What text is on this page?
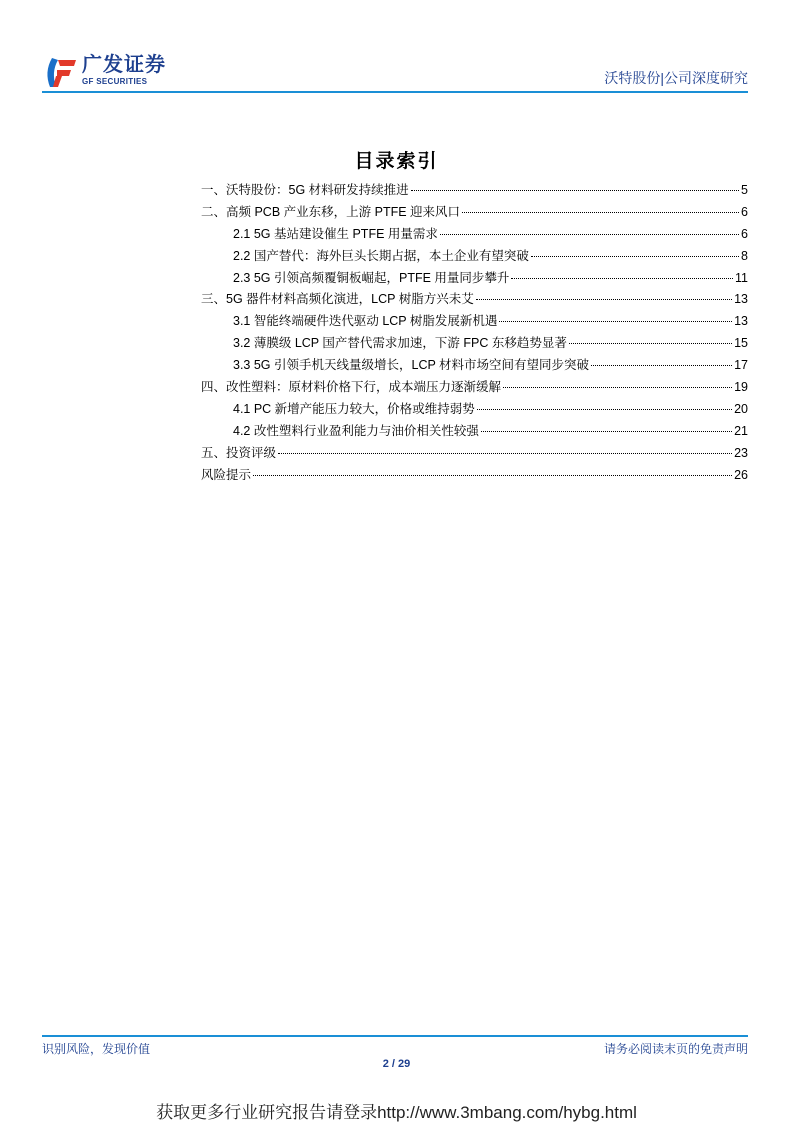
广发证券
GF SECURITIES	沃特股份|公司深度研究
目录索引
一、沃特股份：5G 材料研发持续推进	5
二、高频 PCB 产业东移，上游 PTFE 迎来风口	6
2.1 5G 基站建设催生 PTFE 用量需求	6
2.2 国产替代：海外巨头长期占据，本土企业有望突破	8
2.3 5G 引领高频覆铜板崛起，PTFE 用量同步攀升	11
三、5G 器件材料高频化演进，LCP 树脂方兴未艾	13
3.1 智能终端硬件迭代驱动 LCP 树脂发展新机遇	13
3.2 薄膜级 LCP 国产替代需求加速，下游 FPC 东移趋势显著	15
3.3 5G 引领手机天线量级增长，LCP 材料市场空间有望同步突破	17
四、改性塑料：原材料价格下行，成本端压力逐渐缓解	19
4.1 PC 新增产能压力较大，价格或维持弱势	20
4.2 改性塑料行业盈利能力与油价相关性较强	21
五、投资评级	23
风险提示	26
识别风险，发现价值	请务必阅读末页的免责声明
2 / 29
获取更多行业研究报告请登录http://www.3mbang.com/hybg.html
